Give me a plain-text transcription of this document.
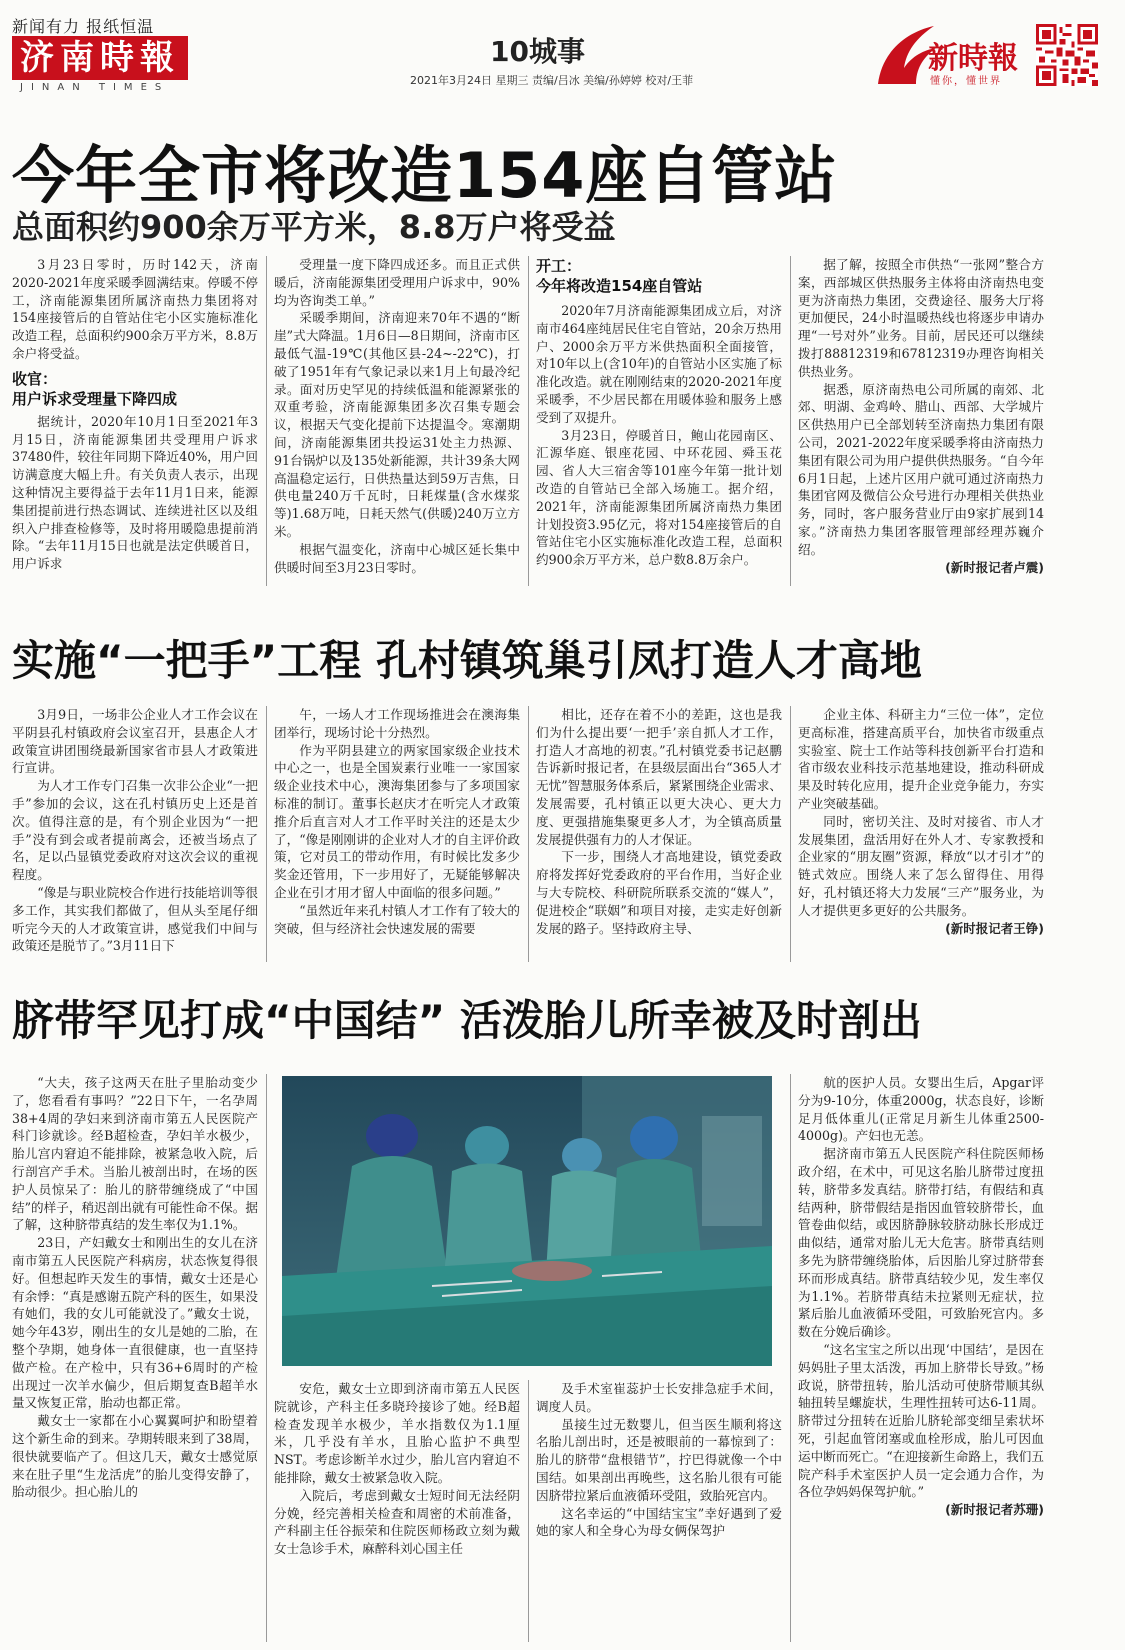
新闻有力 报纸恒温
济南時報
JINAN TIMES
10城事
2021年3月24日 星期三 责编/吕冰 美编/孙婷婷 校对/王菲
新時報
懂你，懂世界
今年全市将改造154座自管站
总面积约900余万平方米，8.8万户将受益

3月23日零时，历时142天，济南2020-2021年度采暖季圆满结束。停暖不停工，济南能源集团所属济南热力集团将对154座接管后的自管站住宅小区实施标准化改造工程，总面积约900余万平方米，8.8万余户将受益。

收官：

用户诉求受理量下降四成

据统计，2020年10月1日至2021年3月15日，济南能源集团共受理用户诉求37480件，较往年同期下降近40%，用户回访满意度大幅上升。有关负责人表示，出现这种情况主要得益于去年11月1日来，能源集团提前进行热态调试、连续进社区以及组织入户排查检修等，及时将用暖隐患提前消除。“去年11月15日也就是法定供暖首日，用户诉求

受理量一度下降四成还多。而且正式供暖后，济南能源集团受理用户诉求中，90%均为咨询类工单。”

采暖季期间，济南迎来70年不遇的“断崖”式大降温。1月6日—8日期间，济南市区最低气温-19℃(其他区县-24~-22℃)，打破了1951年有气象记录以来1月上旬最冷纪录。面对历史罕见的持续低温和能源紧张的双重考验，济南能源集团多次召集专题会议，根据天气变化提前下达提温令。寒潮期间，济南能源集团共投运31处主力热源、91台锅炉以及135处新能源，共计39条大网高温稳定运行，日供热量达到59万吉焦，日供电量240万千瓦时，日耗煤量(含水煤浆等)1.68万吨，日耗天然气(供暖)240万立方米。

根据气温变化，济南中心城区延长集中供暖时间至3月23日零时。

开工：

今年将改造154座自管站

2020年7月济南能源集团成立后，对济南市464座纯居民住宅自管站，20余万热用户、2000余万平方米供热面积全面接管，对10年以上(含10年)的自管站小区实施了标准化改造。就在刚刚结束的2020-2021年度采暖季，不少居民都在用暖体验和服务上感受到了双提升。

3月23日，停暖首日，鲍山花园南区、汇源华庭、银座花园、中环花园、舜玉花园、省人大三宿舍等101座今年第一批计划改造的自管站已全部入场施工。据介绍，2021年，济南能源集团所属济南热力集团计划投资3.95亿元，将对154座接管后的自管站住宅小区实施标准化改造工程，总面积约900余万平方米，总户数8.8万余户。

据了解，按照全市供热“一张网”整合方案，西部城区供热服务主体将由济南热电变更为济南热力集团，交费途径、服务大厅将更加便民，24小时温暖热线也将逐步申请办理“一号对外”业务。目前，居民还可以继续拨打88812319和67812319办理咨询相关供热业务。

据悉，原济南热电公司所属的南郊、北郊、明湖、金鸡岭、腊山、西部、大学城片区供热用户已全部划转至济南热力集团有限公司，2021-2022年度采暖季将由济南热力集团有限公司为用户提供供热服务。“自今年6月1日起，上述片区用户就可通过济南热力集团官网及微信公众号进行办理相关供热业务，同时，客户服务营业厅由9家扩展到14家。”济南热力集团客服管理部经理苏巍介绍。

(新时报记者卢震)

实施“一把手”工程 孔村镇筑巢引凤打造人才高地

3月9日，一场非公企业人才工作会议在平阴县孔村镇政府会议室召开，县惠企人才政策宣讲团围绕最新国家省市县人才政策进行宣讲。

为人才工作专门召集一次非公企业“一把手”参加的会议，这在孔村镇历史上还是首次。值得注意的是，有个别企业因为“一把手”没有到会或者提前离会，还被当场点了名，足以凸显镇党委政府对这次会议的重视程度。

“像是与职业院校合作进行技能培训等很多工作，其实我们都做了，但从头至尾仔细听完今天的人才政策宣讲，感觉我们中间与政策还是脱节了。”3月11日下

午，一场人才工作现场推进会在澳海集团举行，现场讨论十分热烈。

作为平阴县建立的两家国家级企业技术中心之一，也是全国炭素行业唯一一家国家级企业技术中心，澳海集团参与了多项国家标准的制订。董事长赵庆才在听完人才政策推介后直言对人才工作平时关注的还是太少了，“像是刚刚讲的企业对人才的自主评价政策，它对员工的带动作用，有时候比发多少奖金还管用，下一步用好了，无疑能够解决企业在引才用才留人中面临的很多问题。”

“虽然近年来孔村镇人才工作有了较大的突破，但与经济社会快速发展的需要

相比，还存在着不小的差距，这也是我们为什么提出要‘一把手’亲自抓人才工作，打造人才高地的初衷。”孔村镇党委书记赵鹏告诉新时报记者，在县级层面出台“365人才无忧”智慧服务体系后，紧紧围绕企业需求、发展需要，孔村镇正以更大决心、更大力度、更强措施集聚更多人才，为全镇高质量发展提供强有力的人才保证。

下一步，围绕人才高地建设，镇党委政府将发挥好党委政府的平台作用，当好企业与大专院校、科研院所联系交流的“媒人”，促进校企“联姻”和项目对接，走实走好创新发展的路子。坚持政府主导、

企业主体、科研主力“三位一体”，定位更高标准，搭建高质平台，加快省市级重点实验室、院士工作站等科技创新平台打造和省市级农业科技示范基地建设，推动科研成果及时转化应用，提升企业竞争能力，夯实产业突破基础。

同时，密切关注、及时对接省、市人才发展集团，盘活用好在外人才、专家教授和企业家的“朋友圈”资源，释放“以才引才”的链式效应。围绕人来了怎么留得住、用得好，孔村镇还将大力发展“三产”服务业，为人才提供更多更好的公共服务。

(新时报记者王铮)

脐带罕见打成“中国结” 活泼胎儿所幸被及时剖出

“大夫，孩子这两天在肚子里胎动变少了，您看看有事吗？”22日下午，一名孕周38+4周的孕妇来到济南市第五人民医院产科门诊就诊。经B超检查，孕妇羊水极少，胎儿宫内窘迫不能排除，被紧急收入院，后行剖宫产手术。当胎儿被剖出时，在场的医护人员惊呆了：胎儿的脐带缠绕成了“中国结”的样子，稍迟剖出就有可能性命不保。据了解，这种脐带真结的发生率仅为1.1%。

23日，产妇戴女士和刚出生的女儿在济南市第五人民医院产科病房，状态恢复得很好。但想起昨天发生的事情，戴女士还是心有余悸：“真是感谢五院产科的医生，如果没有她们，我的女儿可能就没了。”戴女士说，她今年43岁，刚出生的女儿是她的二胎，在整个孕期，她身体一直很健康，也一直坚持做产检。在产检中，只有36+6周时的产检出现过一次羊水偏少，但后期复查B超羊水量又恢复正常，胎动也都正常。

戴女士一家都在小心翼翼呵护和盼望着这个新生命的到来。孕期转眼来到了38周，很快就要临产了。但这几天，戴女士感觉原来在肚子里“生龙活虎”的胎儿变得安静了，胎动很少。担心胎儿的

安危，戴女士立即到济南市第五人民医院就诊，产科主任多晓玲接诊了她。经B超检查发现羊水极少，羊水指数仅为1.1厘米，几乎没有羊水，且胎心监护不典型NST。考虑诊断羊水过少，胎儿宫内窘迫不能排除，戴女士被紧急收入院。

入院后，考虑到戴女士短时间无法经阴分娩，经完善相关检查和周密的术前准备，产科副主任谷振荣和住院医师杨政立刻为戴女士急诊手术，麻醉科刘心国主任

及手术室崔蕊护士长安排急症手术间，调度人员。

虽接生过无数婴儿，但当医生顺利将这名胎儿剖出时，还是被眼前的一幕惊到了：胎儿的脐带“盘根错节”，拧巴得就像一个中国结。如果剖出再晚些，这名胎儿很有可能因脐带拉紧后血液循环受阻，致胎死宫内。

这名幸运的“中国结宝宝”幸好遇到了爱她的家人和全身心为母女俩保驾护

航的医护人员。女婴出生后，Apgar评分为9-10分，体重2000g，状态良好，诊断足月低体重儿(正常足月新生儿体重2500-4000g)。产妇也无恙。

据济南市第五人民医院产科住院医师杨政介绍，在术中，可见这名胎儿脐带过度扭转，脐带多发真结。脐带打结，有假结和真结两种，脐带假结是指因血管较脐带长，血管卷曲似结，或因脐静脉较脐动脉长形成迂曲似结，通常对胎儿无大危害。脐带真结则多先为脐带缠绕胎体，后因胎儿穿过脐带套环而形成真结。脐带真结较少见，发生率仅为1.1%。若脐带真结未拉紧则无症状，拉紧后胎儿血液循环受阻，可致胎死宫内。多数在分娩后确诊。

“这名宝宝之所以出现‘中国结’，是因在妈妈肚子里太活泼，再加上脐带长导致。”杨政说，脐带扭转，胎儿活动可使脐带顺其纵轴扭转呈螺旋状，生理性扭转可达6-11周。脐带过分扭转在近胎儿脐轮部变细呈索状坏死，引起血管闭塞或血栓形成，胎儿可因血运中断而死亡。“在迎接新生命路上，我们五院产科手术室医护人员一定会通力合作，为各位孕妈妈保驾护航。”

(新时报记者苏珊)
